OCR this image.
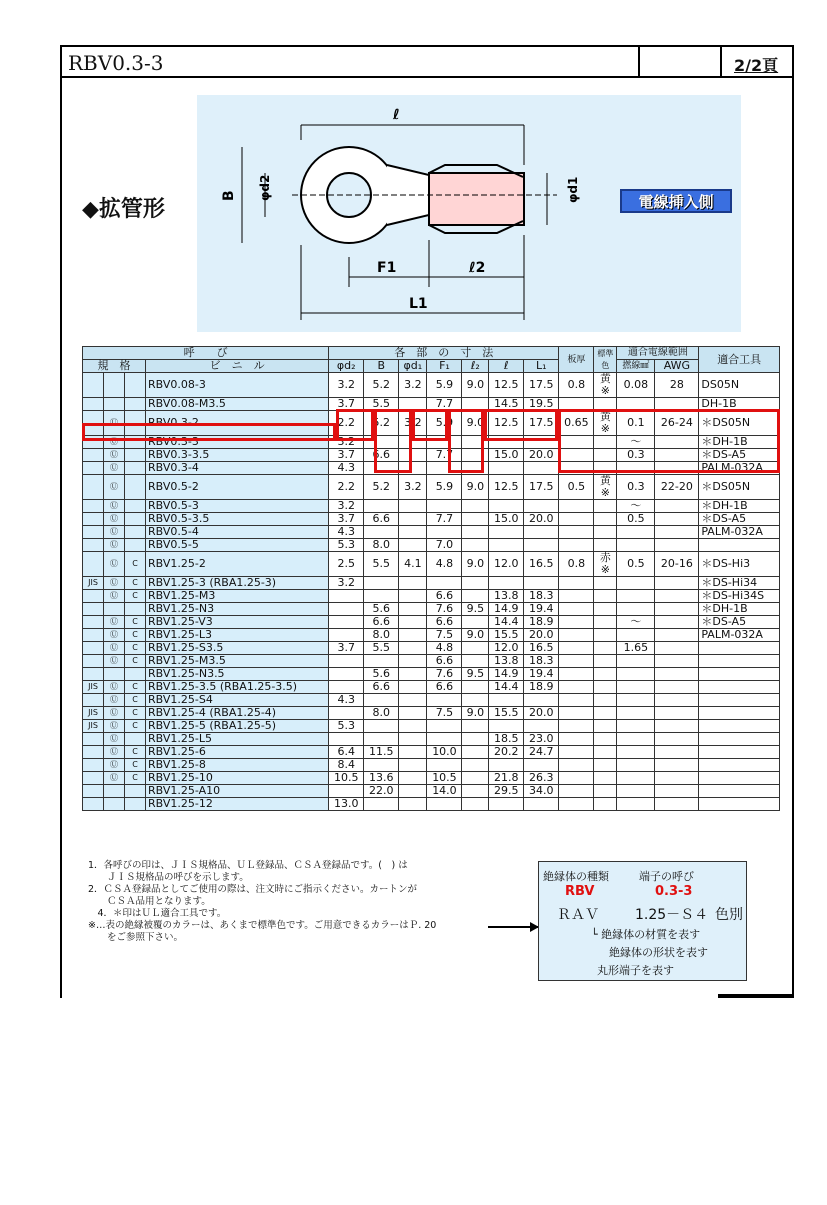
RBV0.3-3	2/2頁
◆拡管形
ℓ
B φd2	φd1
F1	ℓ2
L1
電線挿入側
呼　　び				各　部　の　寸　法							板厚	標準色	適合電線範囲		適合工具
規　格			ビ　ニ　ル	φd₂	B	φd₁	F₁	ℓ₂	ℓ	L₁			撚線㎟	AWG	
			RBV0.08-3	3.2	5.2	3.2	5.9	9.0	12.5	17.5	0.8	黄※	0.08	28	DS05N
			RBV0.08-M3.5	3.7	5.5		7.7		14.5	19.5					DH-1B
	Ⓤ		RBV0.3-2	2.2	5.2	3.2	5.9	9.0	12.5	17.5	0.65	黄※	0.1	26-24	＊DS05N
	Ⓤ		RBV0.3-3	3.2									〜		＊DH-1B
	Ⓤ		RBV0.3-3.5	3.7	6.6		7.7		15.0	20.0			0.3		＊DS-A5
	Ⓤ		RBV0.3-4	4.3											PALM-032A
	Ⓤ		RBV0.5-2	2.2	5.2	3.2	5.9	9.0	12.5	17.5	0.5	黄※	0.3	22-20	＊DS05N
	Ⓤ		RBV0.5-3	3.2									〜		＊DH-1B
	Ⓤ		RBV0.5-3.5	3.7	6.6		7.7		15.0	20.0			0.5		＊DS-A5
	Ⓤ		RBV0.5-4	4.3											PALM-032A
	Ⓤ		RBV0.5-5	5.3	8.0		7.0								
	Ⓤ	C	RBV1.25-2	2.5	5.5	4.1	4.8	9.0	12.0	16.5	0.8	赤※	0.5	20-16	＊DS-Hi3
JIS	Ⓤ	C	RBV1.25-3 (RBA1.25-3)	3.2											＊DS-Hi34
	Ⓤ	C	RBV1.25-M3				6.6		13.8	18.3					＊DS-Hi34S
			RBV1.25-N3		5.6		7.6	9.5	14.9	19.4					＊DH-1B
	Ⓤ	C	RBV1.25-V3		6.6		6.6		14.4	18.9			〜		＊DS-A5
	Ⓤ	C	RBV1.25-L3		8.0		7.5	9.0	15.5	20.0					PALM-032A
	Ⓤ	C	RBV1.25-S3.5	3.7	5.5		4.8		12.0	16.5			1.65		
	Ⓤ	C	RBV1.25-M3.5				6.6		13.8	18.3					
			RBV1.25-N3.5		5.6		7.6	9.5	14.9	19.4					
JIS	Ⓤ	C	RBV1.25-3.5 (RBA1.25-3.5)		6.6		6.6		14.4	18.9					
	Ⓤ	C	RBV1.25-S4	4.3											
JIS	Ⓤ	C	RBV1.25-4 (RBA1.25-4)		8.0		7.5	9.0	15.5	20.0					
JIS	Ⓤ	C	RBV1.25-5 (RBA1.25-5)	5.3											
	Ⓤ		RBV1.25-L5						18.5	23.0					
	Ⓤ	C	RBV1.25-6	6.4	11.5		10.0		20.2	24.7					
	Ⓤ	C	RBV1.25-8	8.4											
	Ⓤ	C	RBV1.25-10	10.5	13.6		10.5		21.8	26.3					
			RBV1.25-A10		22.0		14.0		29.5	34.0					
			RBV1.25-12	13.0											
1．各呼びの印は、ＪＩＳ規格品、ＵＬ登録品、ＣＳＡ登録品です。(　) は
　　ＪＩＳ規格品の呼びを示します。
2．ＣＳＡ登録品としてご使用の際は、注文時にご指示ください。カートンが
　　ＣＳＡ品用となります。
　4．＊印はＵＬ適合工具です。
※…表の絶縁被覆のカラーは、あくまで標準色です。ご用意できるカラーはＰ. 20
　　をご参照下さい。
絶縁体の種類	端子の呼び
RBV	0.3-3
ＲＡＶ	1.25－Ｓ４ 色別
└ 絶縁体の材質を表す
絶縁体の形状を表す
丸形端子を表す
